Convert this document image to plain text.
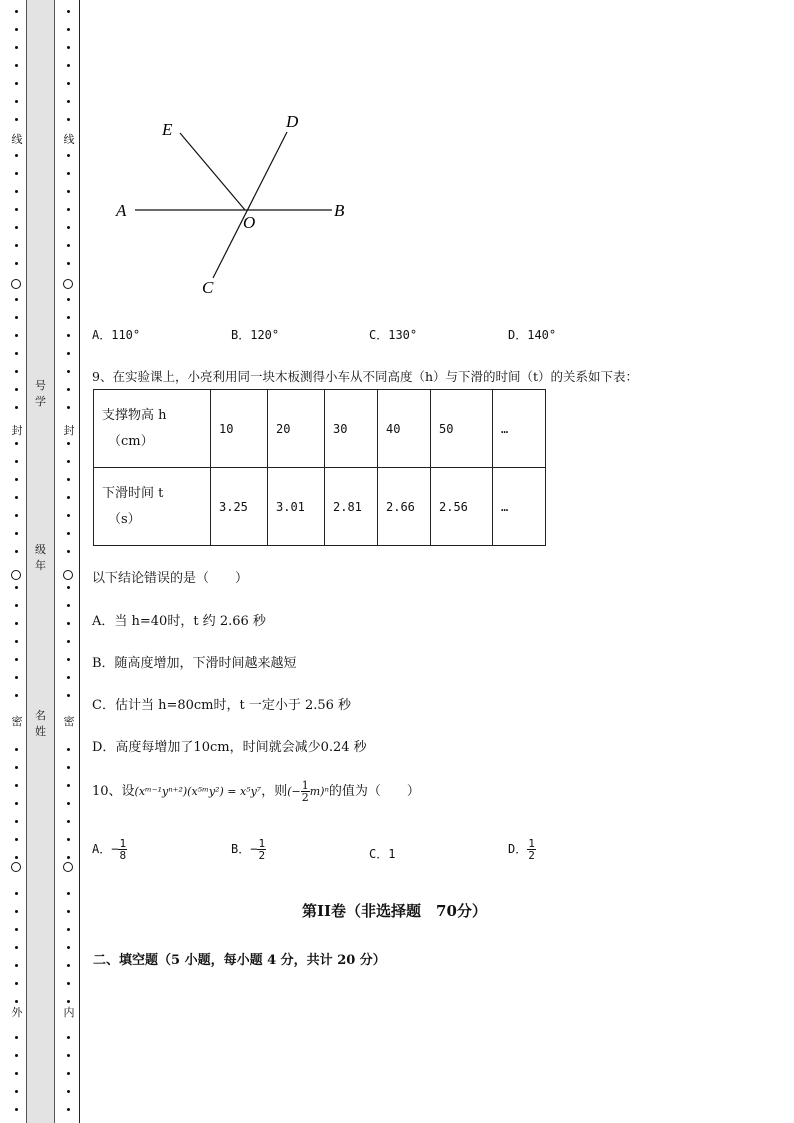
线
封
密
外
号学
级年
名姓
线
封
密
内
E	D
A
O
B
C
A．110°	B．120°	C．130°	D．140°
9、在实验课上，小亮利用同一块木板测得小车从不同高度（h）与下滑的时间（t）的关系如下表：
支撑物高 h
（cm）	10	20	30	40	50	…

下滑时间 t
（s）	3.25	3.01	2.81	2.66	2.56	…
以下结论错误的是（　　）
A．当 h=40时，t 约 2.66 秒
B．随高度增加，下滑时间越来越短
C．估计当 h=80cm时，t 一定小于 2.56 秒
D．高度每增加了10cm，时间就会减少0.24 秒
10、设(xᵐ⁻¹yⁿ⁺²)(x⁵ᵐy²) = x⁵y⁷，则(− $\frac{1}{2} m)^n$的值为（　　）
A．− $\frac{1}{8}$	B．− $\frac{1}{2}$	C．1	D． $\frac{1}{2}$
第II卷（非选择题　70分）
二、填空题（5 小题，每小题 4 分，共计 20 分）
